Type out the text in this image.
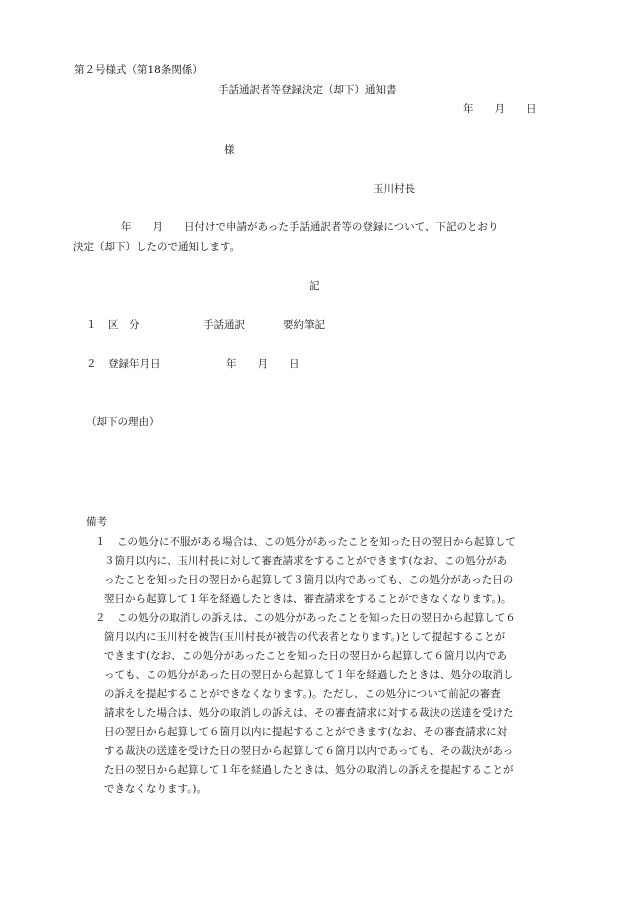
第２号様式（第18条関係）
手話通訳者等登録決定（却下）通知書
年　　月　　日
様
玉川村長
　　年　　月　　日付けで申請があった手話通訳者等の登録について、下記のとおり
決定（却下）したので通知します。
記
１ 区　分	手話通訳	要約筆記
２ 登録年月日	年　　月　　日
（却下の理由）
備考
１ この処分に不服がある場合は、この処分があったことを知った日の翌日から起算して
３箇月以内に、玉川村長に対して審査請求をすることができます(なお、この処分があ
ったことを知った日の翌日から起算して３箇月以内であっても、この処分があった日の
翌日から起算して１年を経過したときは、審査請求をすることができなくなります。)。
２ この処分の取消しの訴えは、この処分があったことを知った日の翌日から起算して６
箇月以内に玉川村を被告(玉川村長が被告の代表者となります。)として提起することが
できます(なお、この処分があったことを知った日の翌日から起算して６箇月以内であ
っても、この処分があった日の翌日から起算して１年を経過したときは、処分の取消し
の訴えを提起することができなくなります。)。ただし、この処分について前記の審査
請求をした場合は、処分の取消しの訴えは、その審査請求に対する裁決の送達を受けた
日の翌日から起算して６箇月以内に提起することができます(なお、その審査請求に対
する裁決の送達を受けた日の翌日から起算して６箇月以内であっても、その裁決があっ
た日の翌日から起算して１年を経過したときは、処分の取消しの訴えを提起することが
できなくなります。)。
